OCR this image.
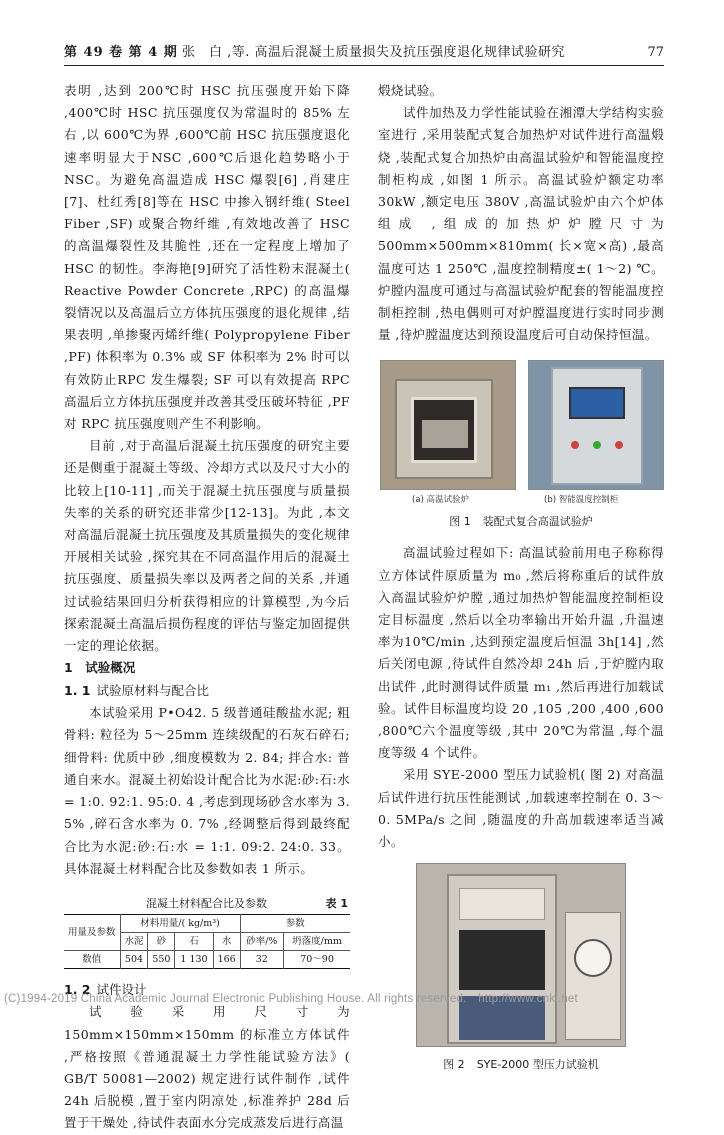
第 49 卷 第 4 期 张　白 ,等. 高温后混凝土质量损失及抗压强度退化规律试验研究	77

表明 ,达到 200℃时 HSC 抗压强度开始下降 ,400℃时 HSC 抗压强度仅为常温时的 85% 左右 ,以 600℃为界 ,600℃前 HSC 抗压强度退化速率明显大于NSC ,600℃后退化趋势略小于 NSC。为避免高温造成 HSC 爆裂[6] ,肖建庄[7]、杜红秀[8]等在 HSC 中掺入钢纤维( Steel Fiber ,SF) 或聚合物纤维 ,有效地改善了 HSC 的高温爆裂性及其脆性 ,还在一定程度上增加了 HSC 的韧性。李海艳[9]研究了活性粉末混凝土( Reactive Powder Concrete ,RPC) 的高温爆裂情况以及高温后立方体抗压强度的退化规律 ,结果表明 ,单掺聚丙烯纤维( Polypropylene Fiber ,PF) 体积率为 0.3% 或 SF 体积率为 2% 时可以有效防止RPC 发生爆裂; SF 可以有效提高 RPC 高温后立方体抗压强度并改善其受压破坏特征 ,PF 对 RPC 抗压强度则产生不利影响。

目前 ,对于高温后混凝土抗压强度的研究主要还是侧重于混凝土等级、冷却方式以及尺寸大小的比较上[10-11] ,而关于混凝土抗压强度与质量损失率的关系的研究还非常少[12-13]。为此 ,本文对高温后混凝土抗压强度及其质量损失的变化规律开展相关试验 ,探究其在不同高温作用后的混凝土抗压强度、质量损失率以及两者之间的关系 ,并通过试验结果回归分析获得相应的计算模型 ,为今后探索混凝土高温后损伤程度的评估与鉴定加固提供一定的理论依据。

1　试验概况
1. 1 试验原材料与配合比

本试验采用 P•O42. 5 级普通硅酸盐水泥; 粗骨料: 粒径为 5～25mm 连续级配的石灰石碎石; 细骨料: 优质中砂 ,细度模数为 2. 84; 拌合水: 普通自来水。混凝土初始设计配合比为水泥:砂:石:水 = 1:0. 92:1. 95:0. 4 ,考虑到现场砂含水率为 3. 5% ,碎石含水率为 0. 7% ,经调整后得到最终配合比为水泥:砂:石:水 = 1:1. 09:2. 24:0. 33。具体混凝土材料配合比及参数如表 1 所示。

混凝土材料配合比及参数	表 1
用量及参数	材料用量/( kg/m³)				参数	
	水泥	砂	石	水	砂率/%	坍落度/mm
数值	504	550	1 130	166	32	70～90
1. 2 试件设计

试验采用尺寸为 150mm×150mm×150mm 的标准立方体试件 ,严格按照《普通混凝土力学性能试验方法》( GB/T 50081—2002) 规定进行试件制作 ,试件 24h 后脱模 ,置于室内阴凉处 ,标准养护 28d 后置于干燥处 ,待试件表面水分完成蒸发后进行高温

煅烧试验。

试件加热及力学性能试验在湘潭大学结构实验室进行 ,采用装配式复合加热炉对试件进行高温煅烧 ,装配式复合加热炉由高温试验炉和智能温度控制柜构成 ,如图 1 所示。高温试验炉额定功率30kW ,额定电压 380V ,高温试验炉由六个炉体组成 ,组成的加热炉炉膛尺寸为 500mm×500mm×810mm( 长×宽×高) ,最高温度可达 1 250℃ ,温度控制精度±( 1～2) ℃。炉膛内温度可通过与高温试验炉配套的智能温度控制柜控制 ,热电偶则可对炉膛温度进行实时同步测量 ,待炉膛温度达到预设温度后可自动保持恒温。

(a) 高温试验炉	(b) 智能温度控制柜
图 1 装配式复合高温试验炉

高温试验过程如下: 高温试验前用电子称称得立方体试件原质量为 m₀ ,然后将称重后的试件放入高温试验炉炉膛 ,通过加热炉智能温度控制柜设定目标温度 ,然后以全功率输出开始升温 ,升温速率为10℃/min ,达到预定温度后恒温 3h[14] ,然后关闭电源 ,待试件自然冷却 24h 后 ,于炉膛内取出试件 ,此时测得试件质量 m₁ ,然后再进行加载试验。试件目标温度均设 20 ,105 ,200 ,400 ,600 ,800℃六个温度等级 ,其中 20℃为常温 ,每个温度等级 4 个试件。

采用 SYE-2000 型压力试验机( 图 2) 对高温后试件进行抗压性能测试 ,加载速率控制在 0. 3～0. 5MPa/s 之间 ,随温度的升高加载速率适当减小。

图 2 SYE-2000 型压力试验机
(C)1994-2019 China Academic Journal Electronic Publishing House. All rights reserved.　http://www.cnki.net
